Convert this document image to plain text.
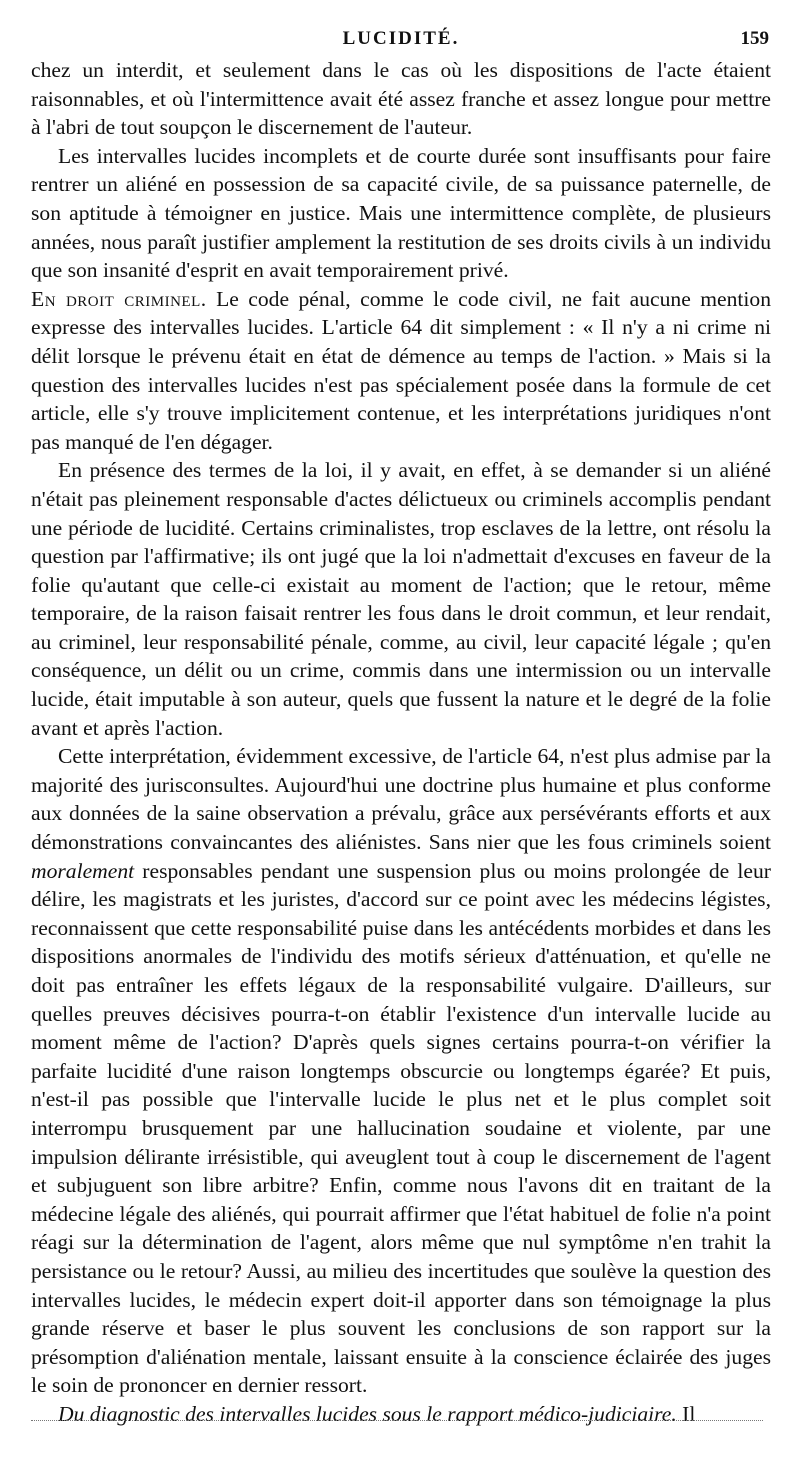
LUCIDITÉ.	159

chez un interdit, et seulement dans le cas où les dispositions de l'acte étaient raisonnables, et où l'intermittence avait été assez franche et assez longue pour mettre à l'abri de tout soupçon le discernement de l'auteur.

Les intervalles lucides incomplets et de courte durée sont insuffisants pour faire rentrer un aliéné en possession de sa capacité civile, de sa puissance paternelle, de son aptitude à témoigner en justice. Mais une intermittence complète, de plusieurs années, nous paraît justifier amplement la restitution de ses droits civils à un individu que son insanité d'esprit en avait temporairement privé.

En droit criminel. Le code pénal, comme le code civil, ne fait aucune mention expresse des intervalles lucides. L'article 64 dit simplement : « Il n'y a ni crime ni délit lorsque le prévenu était en état de démence au temps de l'action. » Mais si la question des intervalles lucides n'est pas spécialement posée dans la formule de cet article, elle s'y trouve implicitement contenue, et les interprétations juridiques n'ont pas manqué de l'en dégager.

En présence des termes de la loi, il y avait, en effet, à se demander si un aliéné n'était pas pleinement responsable d'actes délictueux ou criminels accomplis pendant une période de lucidité. Certains criminalistes, trop esclaves de la lettre, ont résolu la question par l'affirmative; ils ont jugé que la loi n'admettait d'excuses en faveur de la folie qu'autant que celle-ci existait au moment de l'action; que le retour, même temporaire, de la raison faisait rentrer les fous dans le droit commun, et leur rendait, au criminel, leur responsabilité pénale, comme, au civil, leur capacité légale ; qu'en conséquence, un délit ou un crime, commis dans une intermission ou un intervalle lucide, était imputable à son auteur, quels que fussent la nature et le degré de la folie avant et après l'action.

Cette interprétation, évidemment excessive, de l'article 64, n'est plus admise par la majorité des jurisconsultes. Aujourd'hui une doctrine plus humaine et plus conforme aux données de la saine observation a prévalu, grâce aux persévérants efforts et aux démonstrations convaincantes des aliénistes. Sans nier que les fous criminels soient moralement responsables pendant une suspension plus ou moins prolongée de leur délire, les magistrats et les juristes, d'accord sur ce point avec les médecins légistes, reconnaissent que cette responsabilité puise dans les antécédents morbides et dans les dispositions anormales de l'individu des motifs sérieux d'atténuation, et qu'elle ne doit pas entraîner les effets légaux de la responsabilité vulgaire. D'ailleurs, sur quelles preuves décisives pourra-t-on établir l'existence d'un intervalle lucide au moment même de l'action? D'après quels signes certains pourra-t-on vérifier la parfaite lucidité d'une raison longtemps obscurcie ou longtemps égarée? Et puis, n'est-il pas possible que l'intervalle lucide le plus net et le plus complet soit interrompu brusquement par une hallucination soudaine et violente, par une impulsion délirante irrésistible, qui aveuglent tout à coup le discernement de l'agent et subjuguent son libre arbitre? Enfin, comme nous l'avons dit en traitant de la médecine légale des aliénés, qui pourrait affirmer que l'état habituel de folie n'a point réagi sur la détermination de l'agent, alors même que nul symptôme n'en trahit la persistance ou le retour? Aussi, au milieu des incertitudes que soulève la question des intervalles lucides, le médecin expert doit-il apporter dans son témoignage la plus grande réserve et baser le plus souvent les conclusions de son rapport sur la présomption d'aliénation mentale, laissant ensuite à la conscience éclairée des juges le soin de prononcer en dernier ressort.

Du diagnostic des intervalles lucides sous le rapport médico-judiciaire. Il
